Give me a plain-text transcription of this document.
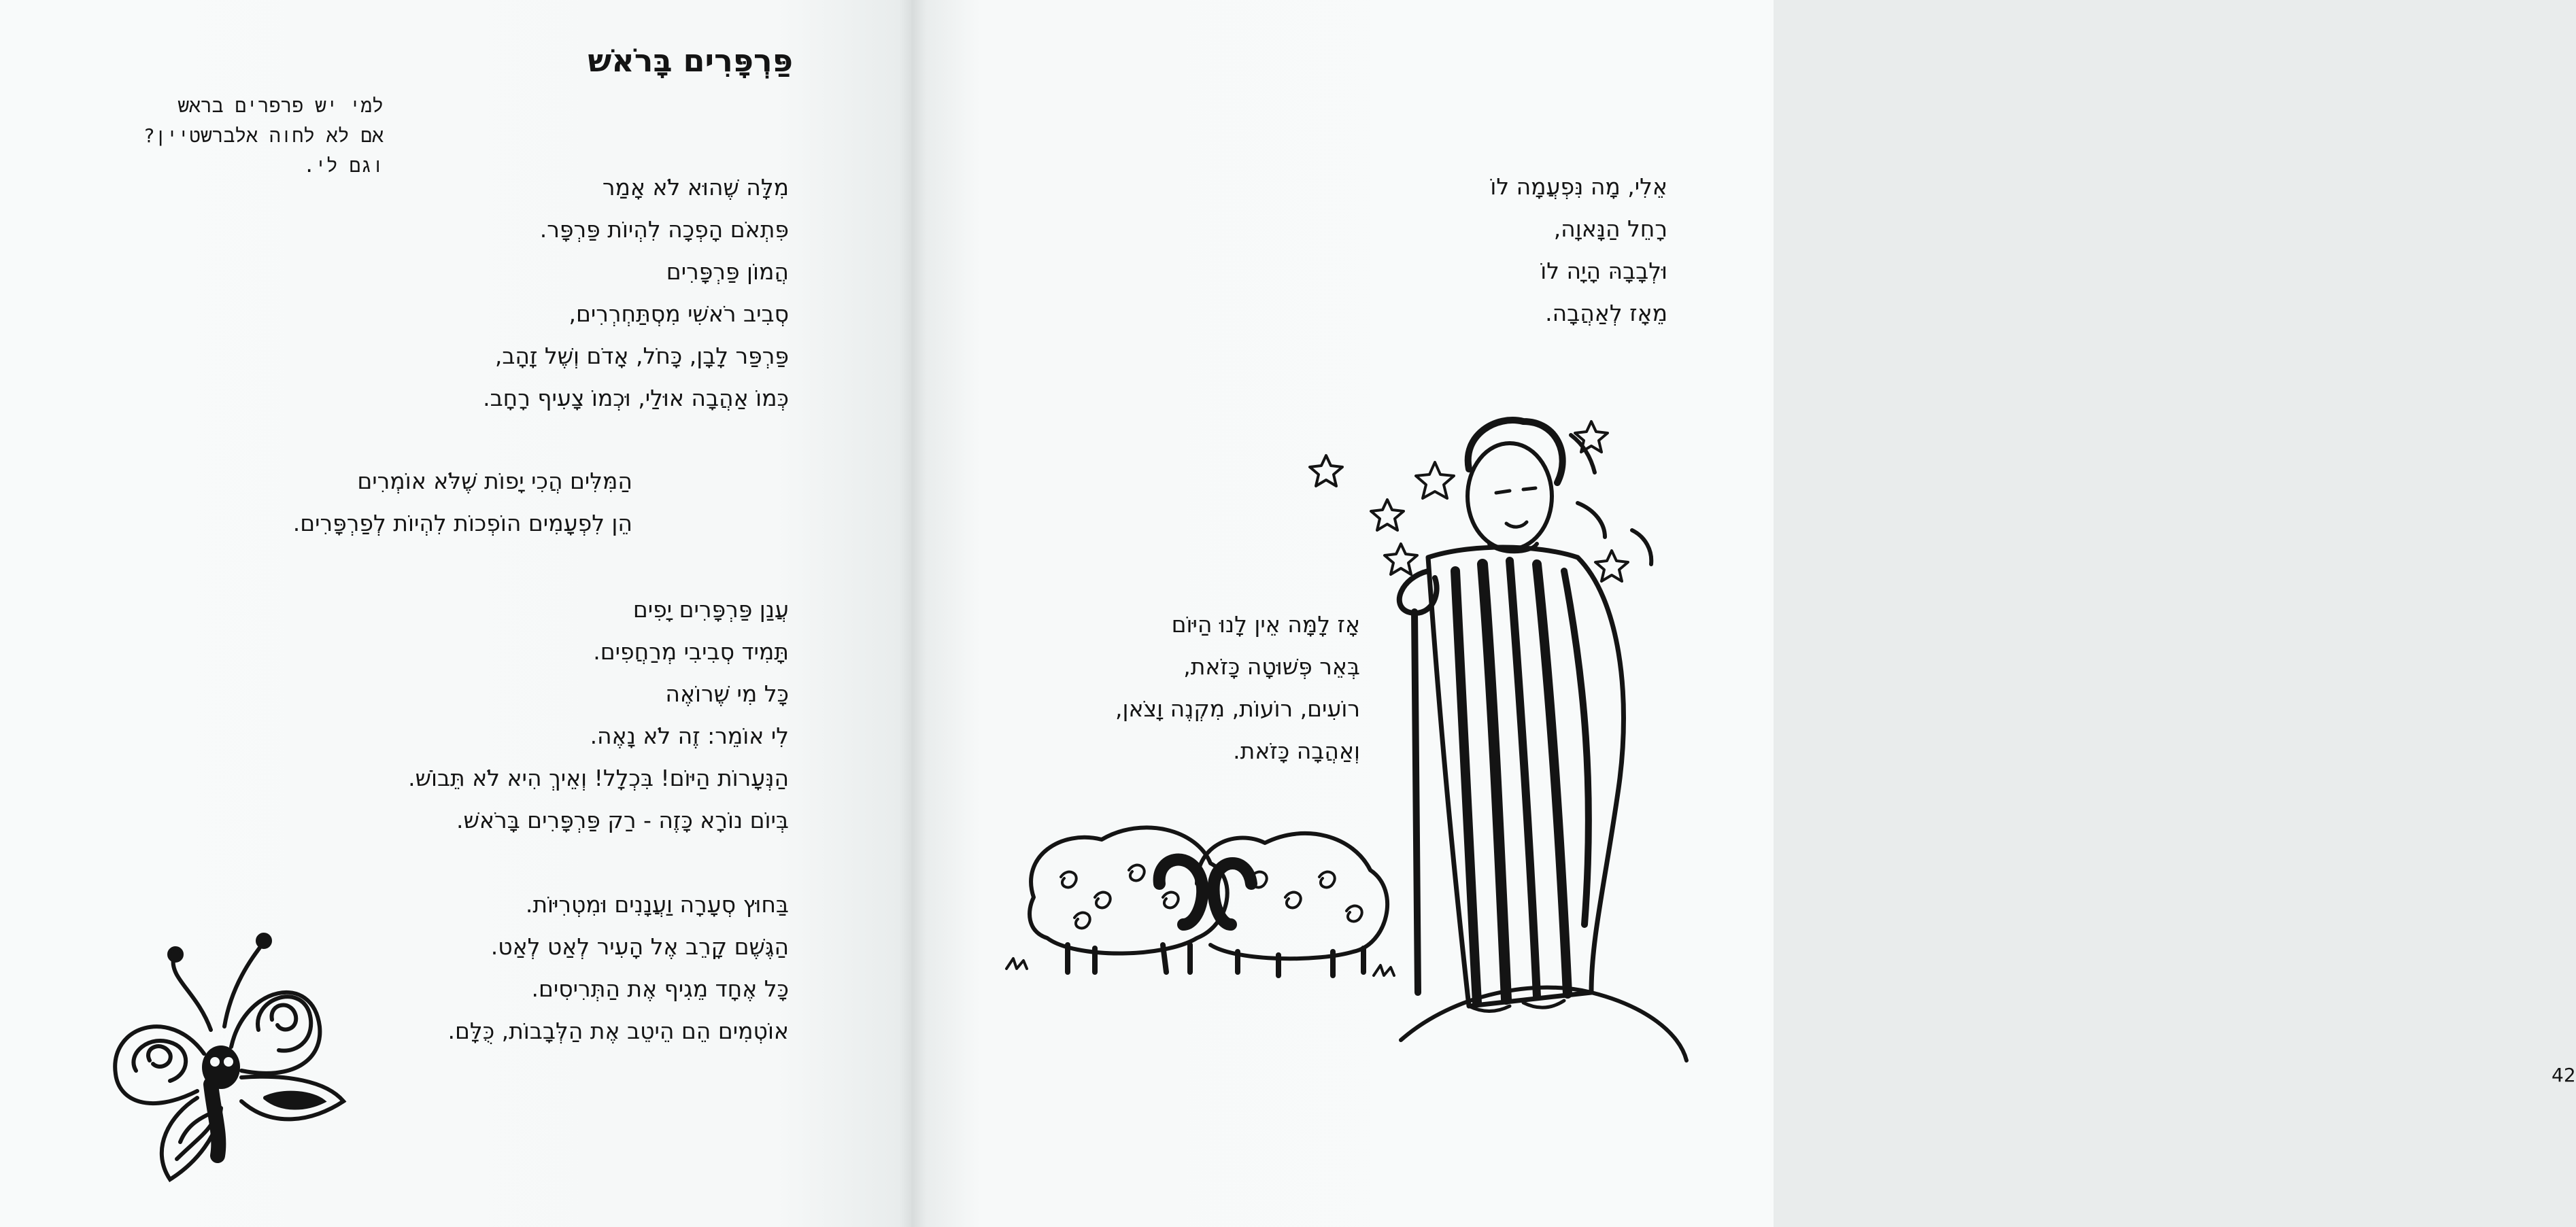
פַּרְפָּרִים בָּרֹאשׁ
למי יש פרפרים בראש
אם לא לחוה אלברשטיין?
וגם לי.
מִלָּה שֶׁהוּא לֹא אָמַר
פִּתְאֹם הָפְכָה לִהְיוֹת פַּרְפָּר.
הֲמוֹן פַּרְפָּרִים
סְבִיב רֹאשִׁי מִסְתַּחְרְרִים,
פַּרְפַּר לָבָן, כָּחֹל, אָדֹם וְשֶׁל זָהָב,
כְּמוֹ אַהֲבָה אוּלַי, וּכְמוֹ צָעִיף רָחָב.
הַמִּלִּים הֲכִי יָפוֹת שֶׁלֹּא אוֹמְרִים
הֵן לִפְעָמִים הוֹפְכוֹת לִהְיוֹת לְפַרְפָּרִים.
עֲנַן פַּרְפָּרִים יָפִים
תָּמִיד סְבִיבִי מְרַחֲפִים.
כָּל מִי שֶׁרוֹאֶה
לִי אוֹמֵר: זֶה לֹא נָאֶה.
הַנְּעָרוֹת הַיּוֹם! בִּכְלָל! וְאֵיךְ הִיא לֹא תֵּבוֹשׁ.
בְּיוֹם נוֹרָא כָּזֶה - רַק פַּרְפָּרִים בָּרֹאשׁ.
בַּחוּץ סְעָרָה וַעֲנָנִים וּמִטְרִיּוֹת.
הַגֶּשֶׁם קָרֵב אֶל הָעִיר לְאַט לְאַט.
כָּל אֶחָד מֵגִיף אֶת הַתְּרִיסִים.
אוֹטְמִים הֵם הֵיטֵב אֶת הַלְּבָבוֹת, כֻּלָּם.
אֵלִי, מָה נִּפְעֲמָה לוֹ
רָחֵל הַנָּאוָה,
וּלְבָבָהּ הָיָה לוֹ
מֵאָז לְאַהֲבָה.
אָז לָמָּה אֵין לָנוּ הַיּוֹם
בְּאֵר פְּשׁוּטָה כָּזֹאת,
רוֹעִים, רוֹעוֹת, מִקְנֶה וָצֹאן,
וְאַהֲבָה כָּזֹאת.
42
